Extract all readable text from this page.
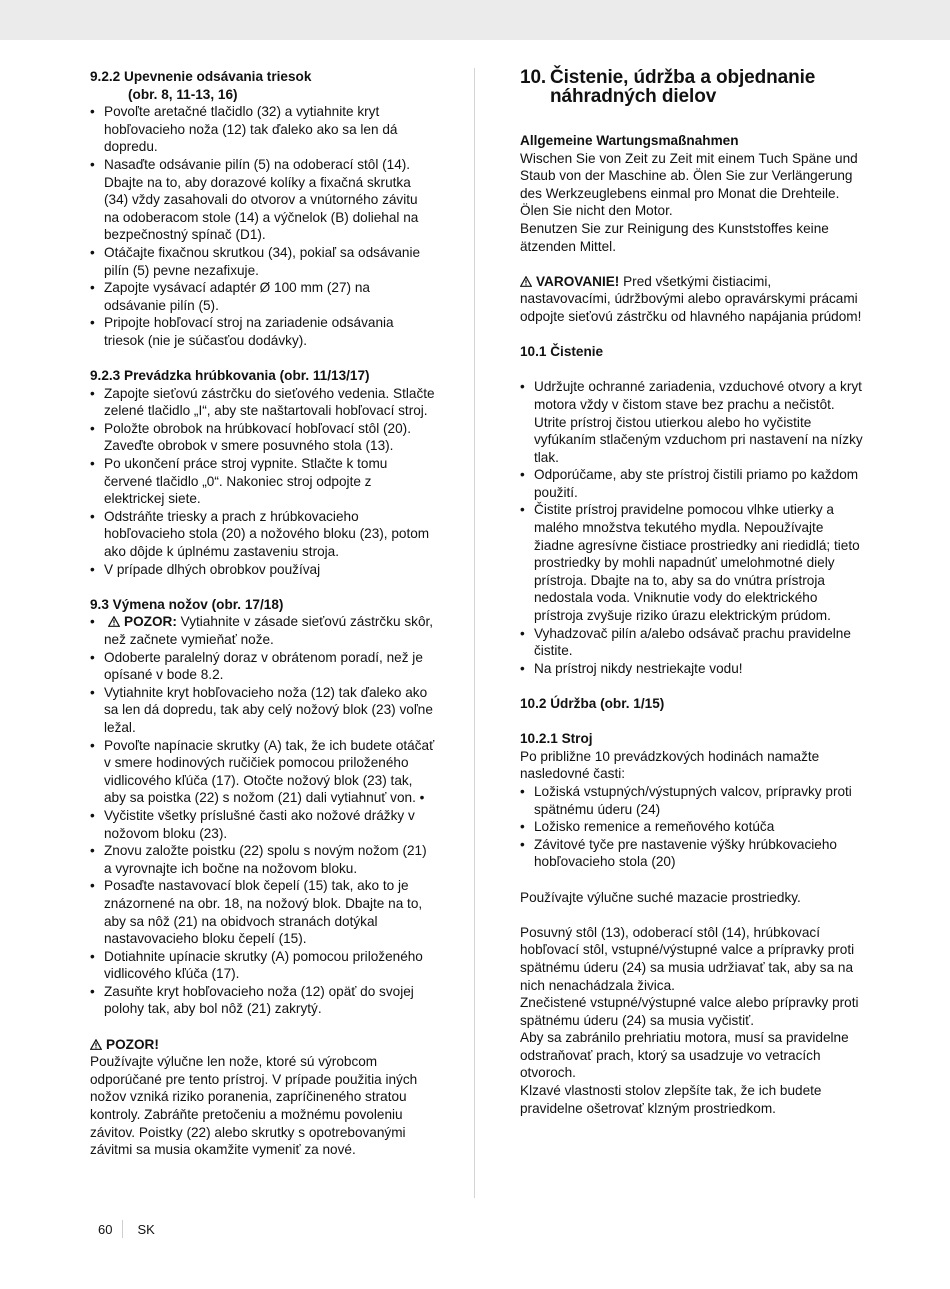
9.2.2 Upevnenie odsávania triesok

(obr. 8, 11-13, 16)

• Povoľte aretačné tlačidlo (32) a vytiahnite kryt hobľovacieho noža (12) tak ďaleko ako sa len dá dopredu.
• Nasaďte odsávanie pilín (5) na odoberací stôl (14). Dbajte na to, aby dorazové kolíky a fixačná skrutka (34) vždy zasahovali do otvorov a vnútorného závitu na odoberacom stole (14) a výčnelok (B) doliehal na bezpečnostný spínač (D1).
• Otáčajte fixačnou skrutkou (34), pokiaľ sa odsávanie pilín (5) pevne nezafixuje.
• Zapojte vysávací adaptér Ø 100 mm (27) na odsávanie pilín (5).
• Pripojte hobľovací stroj na zariadenie odsávania triesok (nie je súčasťou dodávky).

9.2.3 Prevádzka hrúbkovania (obr. 11/13/17)

• Zapojte sieťovú zástrčku do sieťového vedenia. Stlačte zelené tlačidlo „I“, aby ste naštartovali hobľovací stroj.
• Položte obrobok na hrúbkovací hobľovací stôl (20). Zaveďte obrobok v smere posuvného stola (13).
• Po ukončení práce stroj vypnite. Stlačte k tomu červené tlačidlo „0“. Nakoniec stroj odpojte z elektrickej siete.
• Odstráňte triesky a prach z hrúbkovacieho hobľovacieho stola (20) a nožového bloku (23), potom ako dôjde k úplnému zastaveniu stroja.
• V prípade dlhých obrobkov používaj

9.3 Výmena nožov (obr. 17/18)

• POZOR: Vytiahnite v zásade sieťovú zástrčku skôr, než začnete vymieňať nože.
• Odoberte paralelný doraz v obrátenom poradí, než je opísané v bode 8.2.
• Vytiahnite kryt hobľovacieho noža (12) tak ďaleko ako sa len dá dopredu, tak aby celý nožový blok (23) voľne ležal.
• Povoľte napínacie skrutky (A) tak, že ich budete otáčať v smere hodinových ručičiek pomocou priloženého vidlicového kľúča (17). Otočte nožový blok (23) tak, aby sa poistka (22) s nožom (21) dali vytiahnuť von. •
• Vyčistite všetky príslušné časti ako nožové drážky v nožovom bloku (23).
• Znovu založte poistku (22) spolu s novým nožom (21) a vyrovnajte ich bočne na nožovom bloku.
• Posaďte nastavovací blok čepelí (15) tak, ako to je znázornené na obr. 18, na nožový blok. Dbajte na to, aby sa nôž (21) na obidvoch stranách dotýkal nastavovacieho bloku čepelí (15).
• Dotiahnite upínacie skrutky (A) pomocou priloženého vidlicového kľúča (17).
• Zasuňte kryt hobľovacieho noža (12) opäť do svojej polohy tak, aby bol nôž (21) zakrytý.

POZOR!

Používajte výlučne len nože, ktoré sú výrobcom odporúčané pre tento prístroj. V prípade použitia iných nožov vzniká riziko poranenia, zapríčineného stratou kontroly. Zabráňte pretočeniu a možnému povoleniu závitov. Poistky (22) alebo skrutky s opotrebovanými závitmi sa musia okamžite vymeniť za nové.

10. Čistenie, údržba a objednanie náhradných dielov

Allgemeine Wartungsmaßnahmen

Wischen Sie von Zeit zu Zeit mit einem Tuch Späne und Staub von der Maschine ab. Ölen Sie zur Verlängerung des Werkzeuglebens einmal pro Monat die Drehteile. Ölen Sie nicht den Motor.

Benutzen Sie zur Reinigung des Kunststoffes keine ätzenden Mittel.

VAROVANIE! Pred všetkými čistiacimi, nastavovacími, údržbovými alebo opravárskymi prácami odpojte sieťovú zástrčku od hlavného napájania prúdom!

10.1 Čistenie

• Udržujte ochranné zariadenia, vzduchové otvory a kryt motora vždy v čistom stave bez prachu a nečistôt. Utrite prístroj čistou utierkou alebo ho vyčistite vyfúkaním stlačeným vzduchom pri nastavení na nízky tlak.
• Odporúčame, aby ste prístroj čistili priamo po každom použití.
• Čistite prístroj pravidelne pomocou vlhke utierky a malého množstva tekutého mydla. Nepoužívajte žiadne agresívne čistiace prostriedky ani riedidlá; tieto prostriedky by mohli napadnúť umelohmotné diely prístroja. Dbajte na to, aby sa do vnútra prístroja nedostala voda. Vniknutie vody do elektrického prístroja zvyšuje riziko úrazu elektrickým prúdom.
• Vyhadzovač pilín a/alebo odsávač prachu pravidelne čistite.
• Na prístroj nikdy nestriekajte vodu!

10.2 Údržba (obr. 1/15)

10.2.1 Stroj

Po približne 10 prevádzkových hodinách namažte nasledovné časti:

• Ložiská vstupných/výstupných valcov, prípravky proti spätnému úderu (24)
• Ložisko remenice a remeňového kotúča
• Závitové tyče pre nastavenie výšky hrúbkovacieho hobľovacieho stola (20)

Používajte výlučne suché mazacie prostriedky.

Posuvný stôl (13), odoberací stôl (14), hrúbkovací hobľovací stôl, vstupné/výstupné valce a prípravky proti spätnému úderu (24) sa musia udržiavať tak, aby sa na nich nenachádzala živica.

Znečistené vstupné/výstupné valce alebo prípravky proti spätnému úderu (24) sa musia vyčistiť.

Aby sa zabránilo prehriatiu motora, musí sa pravidelne odstraňovať prach, ktorý sa usadzuje vo vetracích otvoroch.

Klzavé vlastnosti stolov zlepšíte tak, že ich budete pravidelne ošetrovať klzným prostriedkom.

60 SK
